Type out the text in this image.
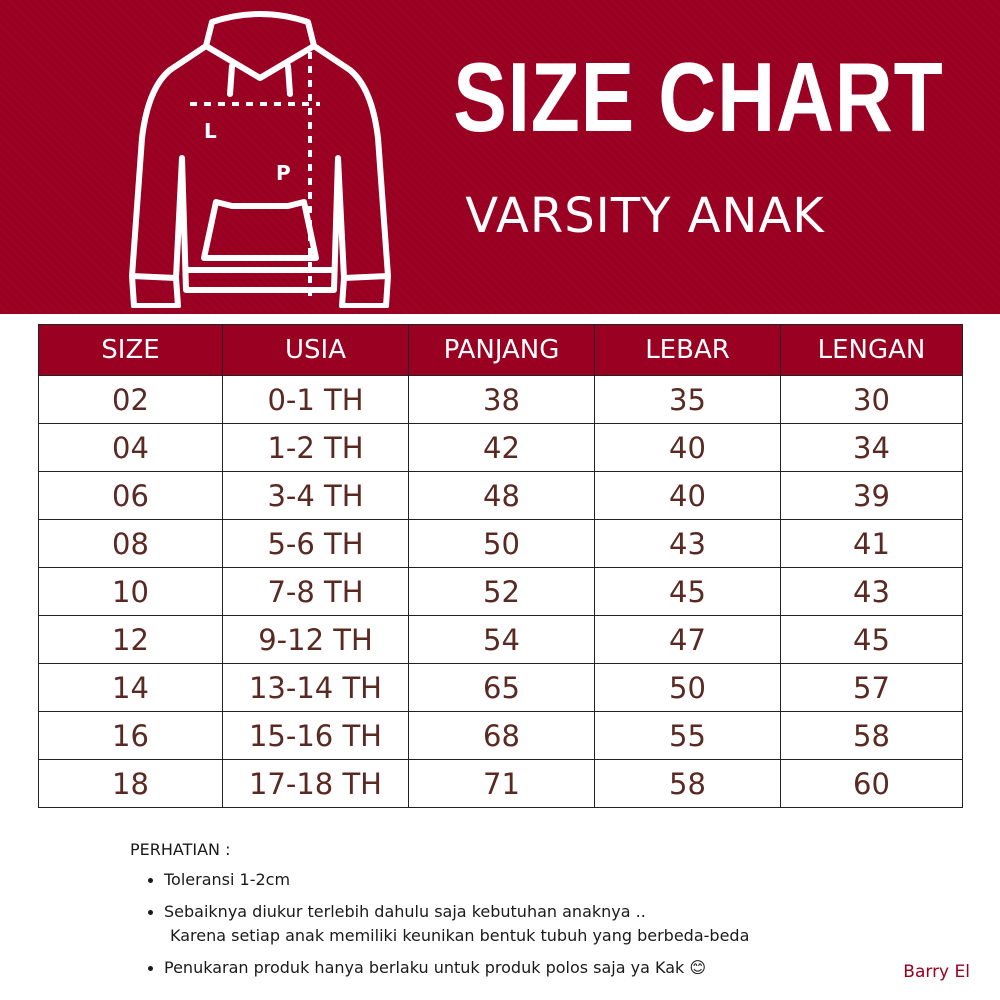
L
P
SIZE CHART
VARSITY ANAK
SIZE	USIA	PANJANG	LEBAR	LENGAN
02	0-1 TH	38	35	30
04	1-2 TH	42	40	34
06	3-4 TH	48	40	39
08	5-6 TH	50	43	41
10	7-8 TH	52	45	43
12	9-12 TH	54	47	45
14	13-14 TH	65	50	57
16	15-16 TH	68	55	58
18	17-18 TH	71	58	60
PERHATIAN :
Toleransi 1-2cm
Sebaiknya diukur terlebih dahulu saja kebutuhan anaknya ..
Karena setiap anak memiliki keunikan bentuk tubuh yang berbeda-beda
Penukaran produk hanya berlaku untuk produk polos saja ya Kak 😊	Barry El
